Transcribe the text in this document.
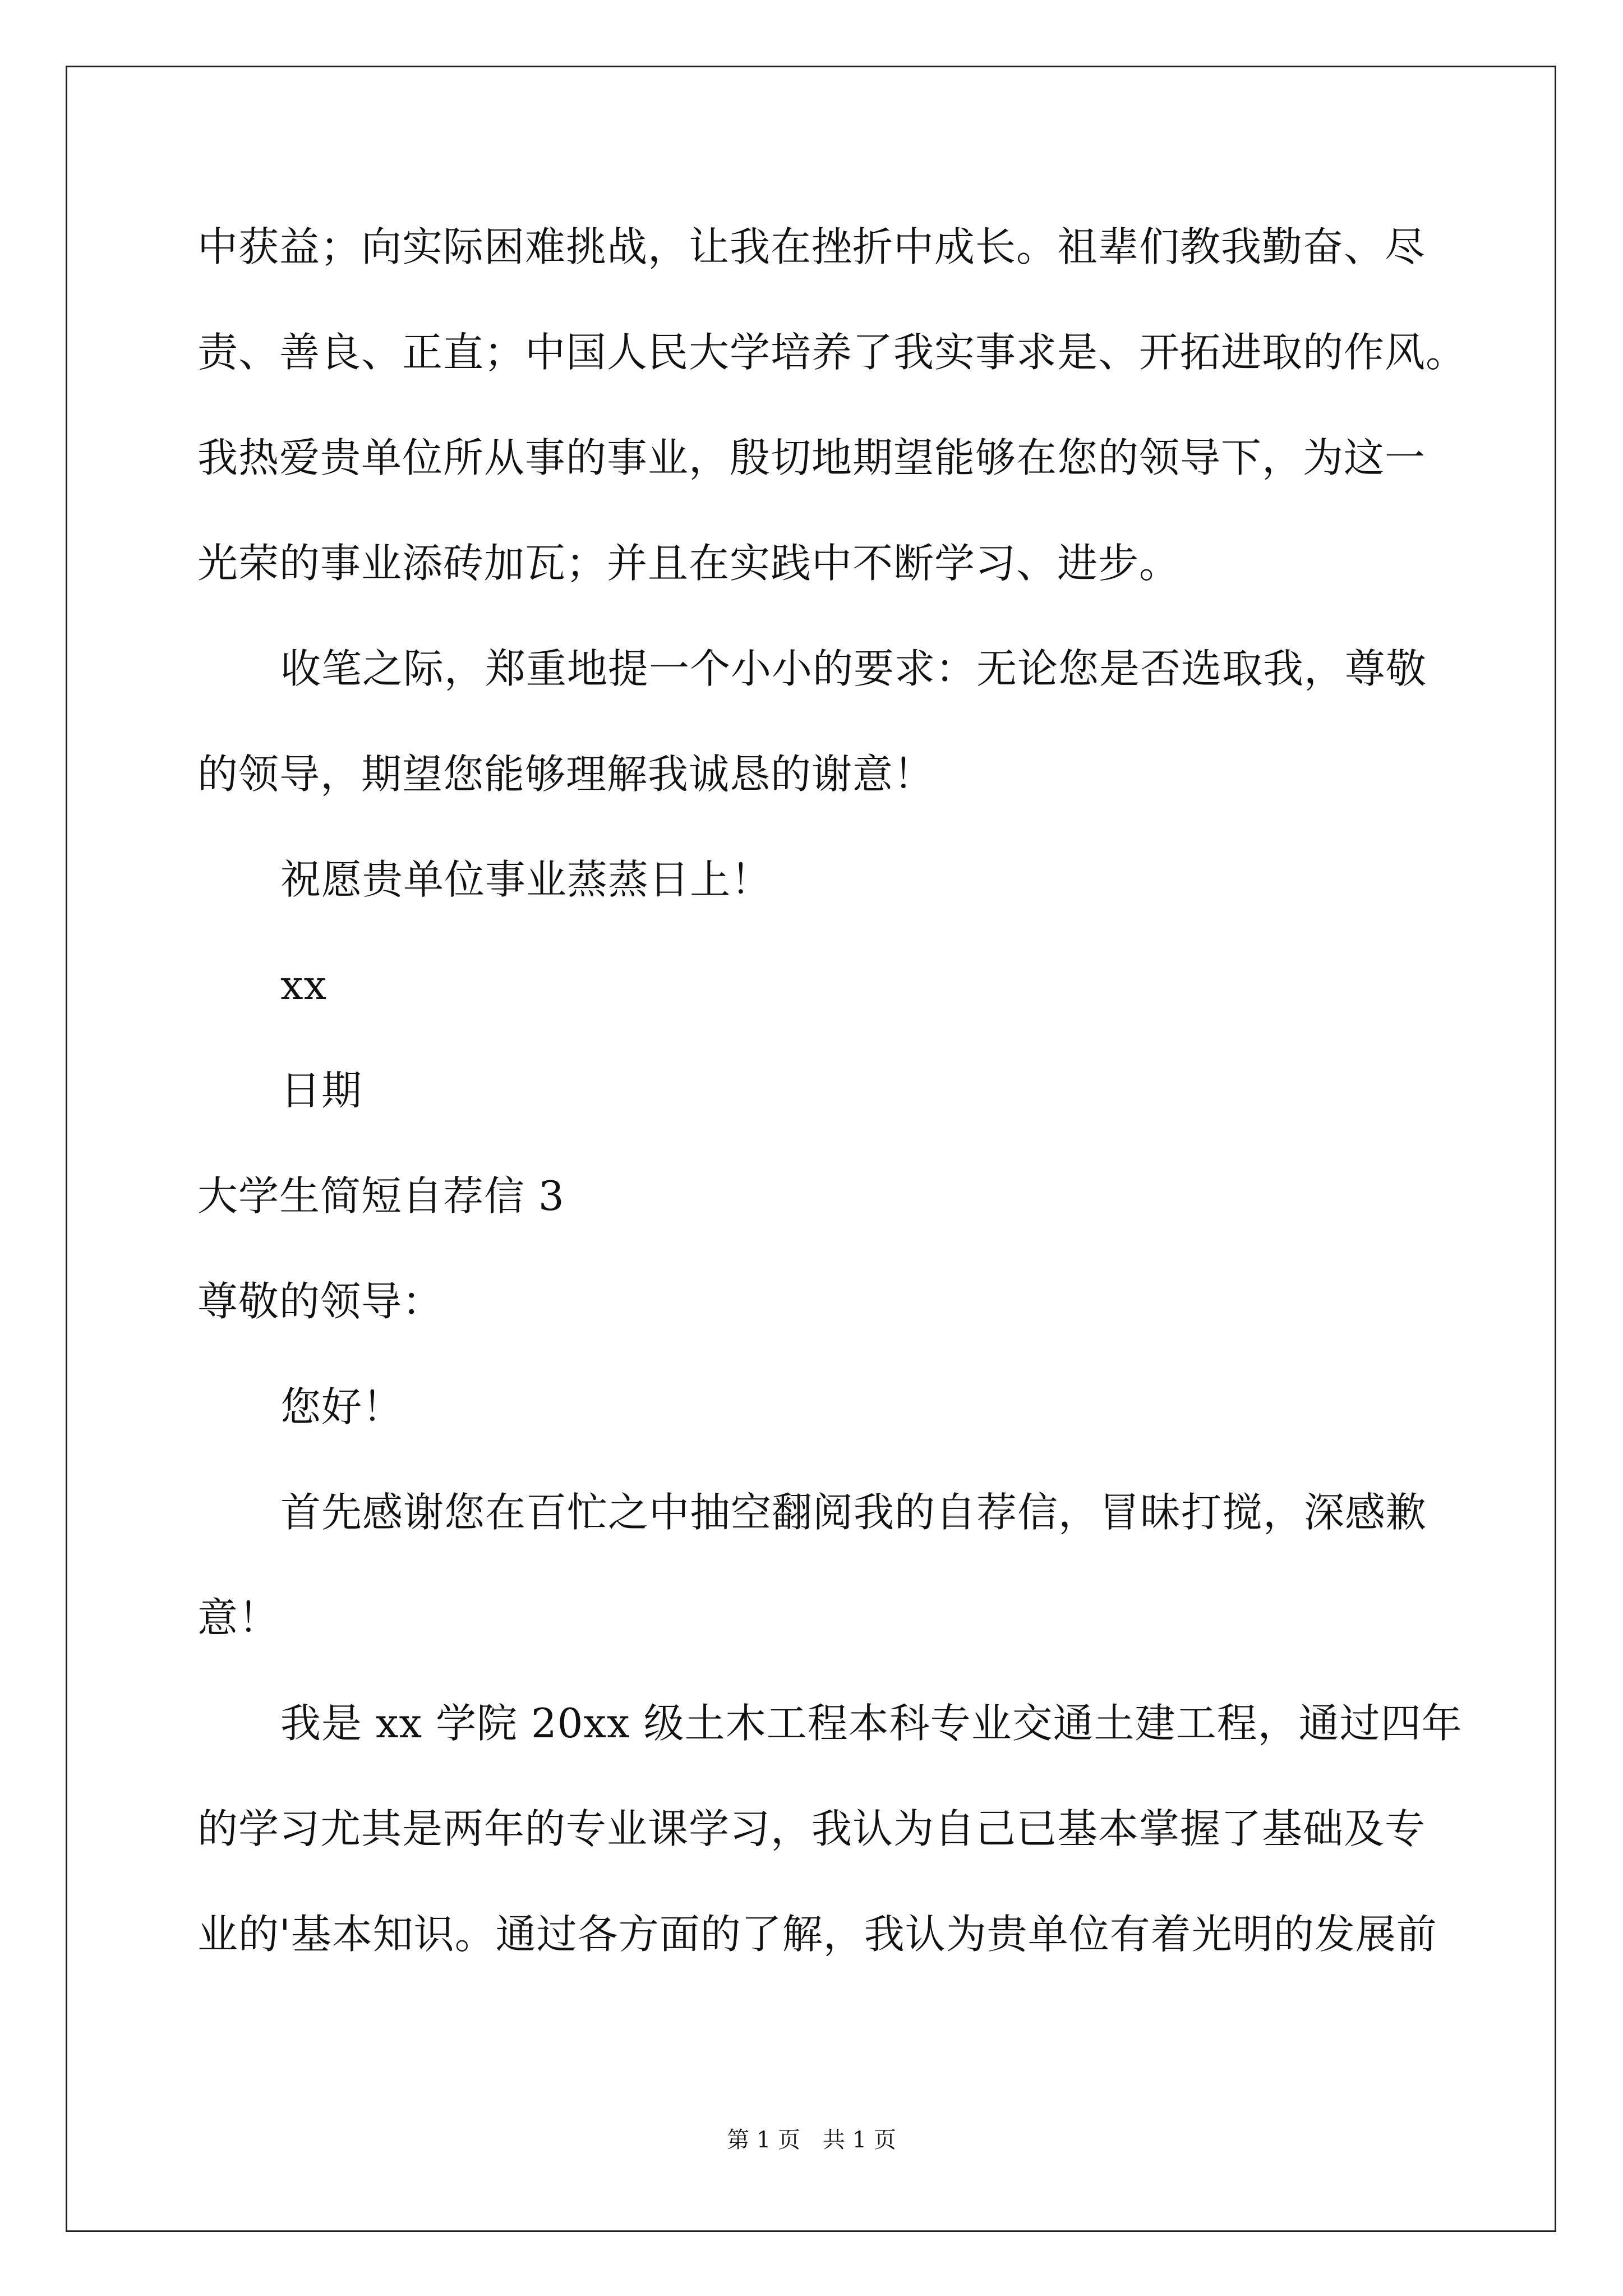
中获益；向实际困难挑战，让我在挫折中成长。祖辈们教我勤奋、尽
责、善良、正直；中国人民大学培养了我实事求是、开拓进取的作风。
我热爱贵单位所从事的事业，殷切地期望能够在您的领导下，为这一
光荣的事业添砖加瓦；并且在实践中不断学习、进步。
收笔之际，郑重地提一个小小的要求：无论您是否选取我，尊敬
的领导，期望您能够理解我诚恳的谢意！
祝愿贵单位事业蒸蒸日上！
xx
日期
大学生简短自荐信 3
尊敬的领导：
您好！
首先感谢您在百忙之中抽空翻阅我的自荐信，冒昧打搅，深感歉
意！
我是 xx 学院 20xx 级土木工程本科专业交通土建工程，通过四年
的学习尤其是两年的专业课学习，我认为自己已基本掌握了基础及专
业的'基本知识。通过各方面的了解，我认为贵单位有着光明的发展前
第 1 页 共 1 页
